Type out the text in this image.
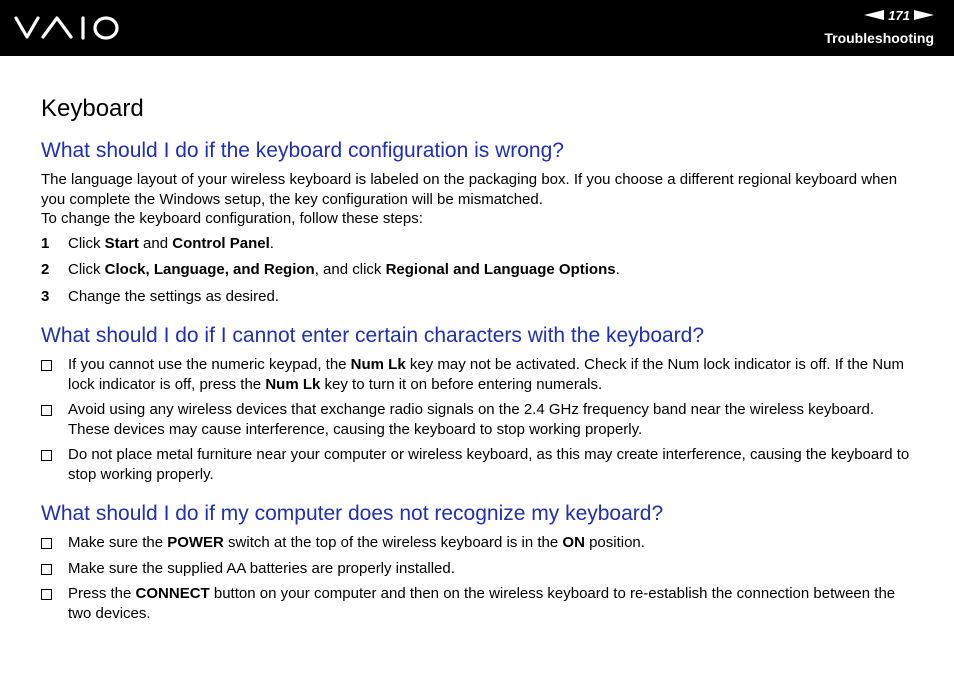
171
Troubleshooting
Keyboard
What should I do if the keyboard configuration is wrong?

The language layout of your wireless keyboard is labeled on the packaging box. If you choose a different regional keyboard when you complete the Windows setup, the key configuration will be mismatched.

To change the keyboard configuration, follow these steps:

1	Click Start and Control Panel.
2	Click Clock, Language, and Region, and click Regional and Language Options.
3	Change the settings as desired.
What should I do if I cannot enter certain characters with the keyboard?
If you cannot use the numeric keypad, the Num Lk key may not be activated. Check if the Num lock indicator is off. If the Num lock indicator is off, press the Num Lk key to turn it on before entering numerals.
Avoid using any wireless devices that exchange radio signals on the 2.4 GHz frequency band near the wireless keyboard. These devices may cause interference, causing the keyboard to stop working properly.
Do not place metal furniture near your computer or wireless keyboard, as this may create interference, causing the keyboard to stop working properly.
What should I do if my computer does not recognize my keyboard?
Make sure the POWER switch at the top of the wireless keyboard is in the ON position.
Make sure the supplied AA batteries are properly installed.
Press the CONNECT button on your computer and then on the wireless keyboard to re-establish the connection between the two devices.
